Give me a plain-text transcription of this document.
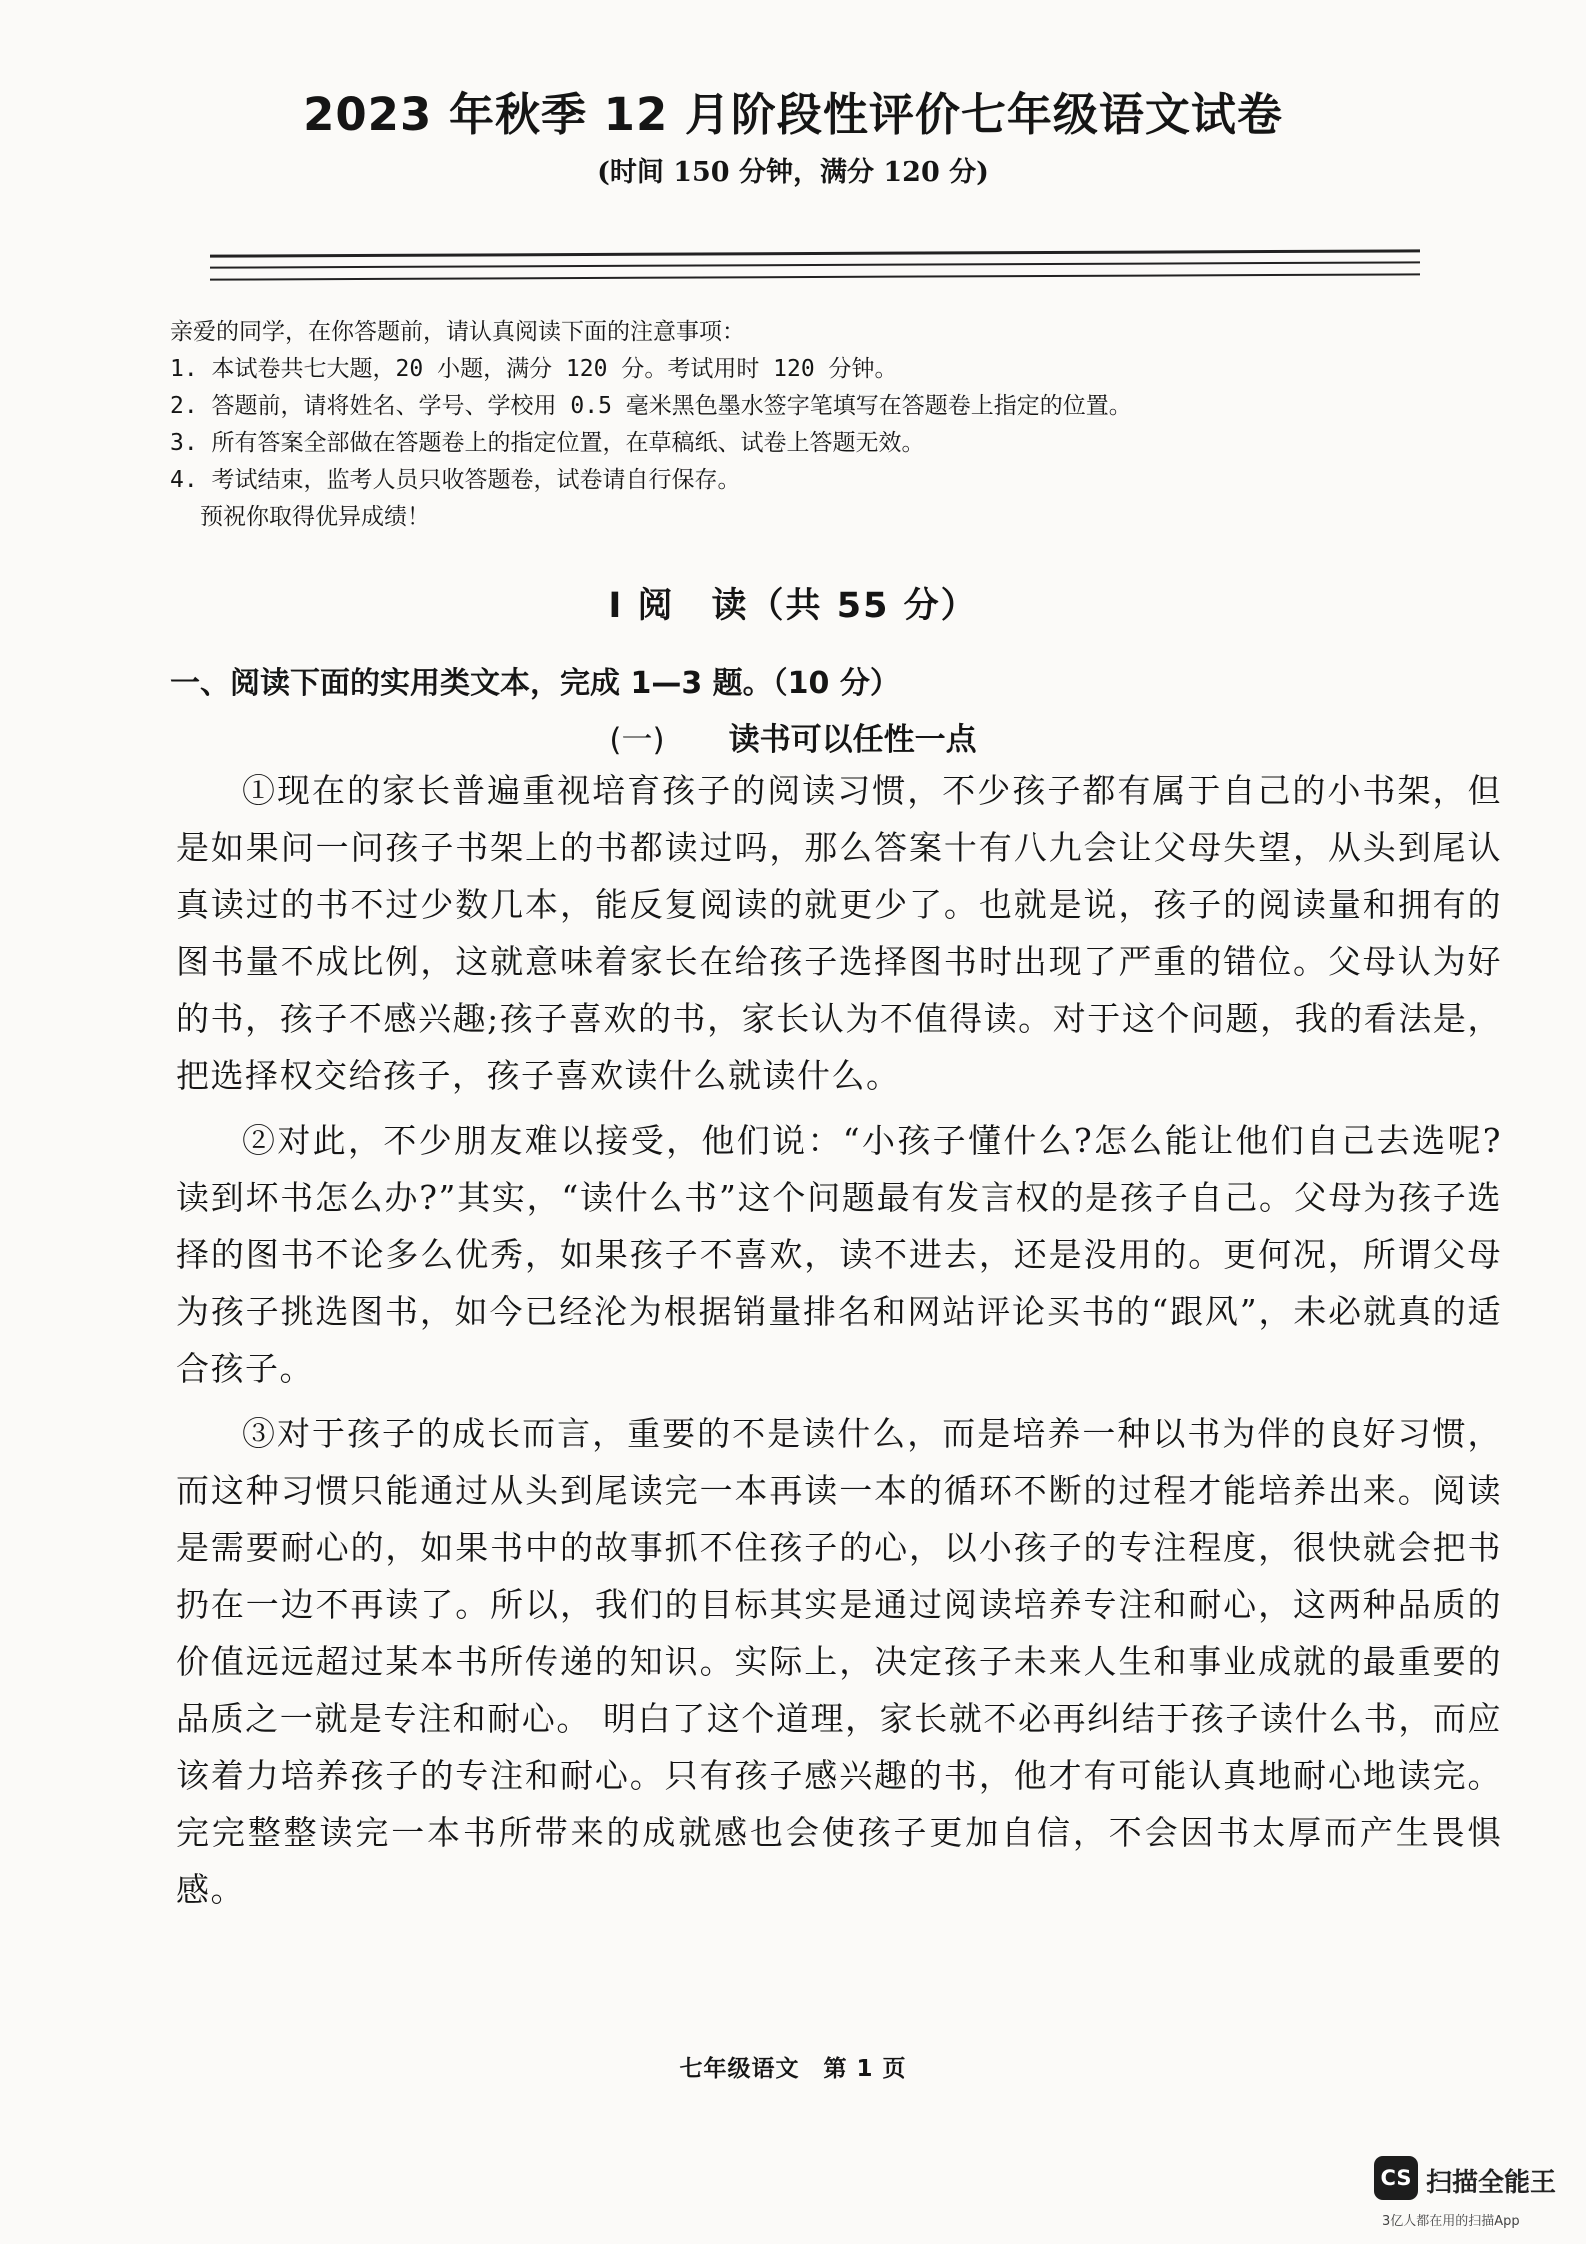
2023 年秋季 12 月阶段性评价七年级语文试卷
(时间 150 分钟，满分 120 分)
亲爱的同学，在你答题前，请认真阅读下面的注意事项：
1. 本试卷共七大题，20 小题，满分 120 分。考试用时 120 分钟。
2. 答题前，请将姓名、学号、学校用 0.5 毫米黑色墨水签字笔填写在答题卷上指定的位置。
3. 所有答案全部做在答题卷上的指定位置，在草稿纸、试卷上答题无效。
4. 考试结束，监考人员只收答题卷，试卷请自行保存。
预祝你取得优异成绩！
I 阅　读（共 55 分）
一、阅读下面的实用类文本，完成 1—3 题。（10 分）
(一) 读书可以任性一点

①现在的家长普遍重视培育孩子的阅读习惯，不少孩子都有属于自己的小书架，但是如果问一问孩子书架上的书都读过吗，那么答案十有八九会让父母失望，从头到尾认真读过的书不过少数几本，能反复阅读的就更少了。也就是说，孩子的阅读量和拥有的图书量不成比例，这就意味着家长在给孩子选择图书时出现了严重的错位。父母认为好的书，孩子不感兴趣;孩子喜欢的书，家长认为不值得读。对于这个问题，我的看法是，把选择权交给孩子，孩子喜欢读什么就读什么。

②对此，不少朋友难以接受，他们说：“小孩子懂什么?怎么能让他们自己去选呢?读到坏书怎么办?”其实，“读什么书”这个问题最有发言权的是孩子自己。父母为孩子选择的图书不论多么优秀，如果孩子不喜欢，读不进去，还是没用的。更何况，所谓父母为孩子挑选图书，如今已经沦为根据销量排名和网站评论买书的“跟风”，未必就真的适合孩子。

③对于孩子的成长而言，重要的不是读什么，而是培养一种以书为伴的良好习惯，而这种习惯只能通过从头到尾读完一本再读一本的循环不断的过程才能培养出来。阅读是需要耐心的，如果书中的故事抓不住孩子的心，以小孩子的专注程度，很快就会把书扔在一边不再读了。所以，我们的目标其实是通过阅读培养专注和耐心，这两种品质的价值远远超过某本书所传递的知识。实际上，决定孩子未来人生和事业成就的最重要的品质之一就是专注和耐心。 明白了这个道理，家长就不必再纠结于孩子读什么书，而应该着力培养孩子的专注和耐心。只有孩子感兴趣的书，他才有可能认真地耐心地读完。完完整整读完一本书所带来的成就感也会使孩子更加自信，不会因书太厚而产生畏惧感。

七年级语文　第 1 页
CS 扫描全能王
3亿人都在用的扫描App
